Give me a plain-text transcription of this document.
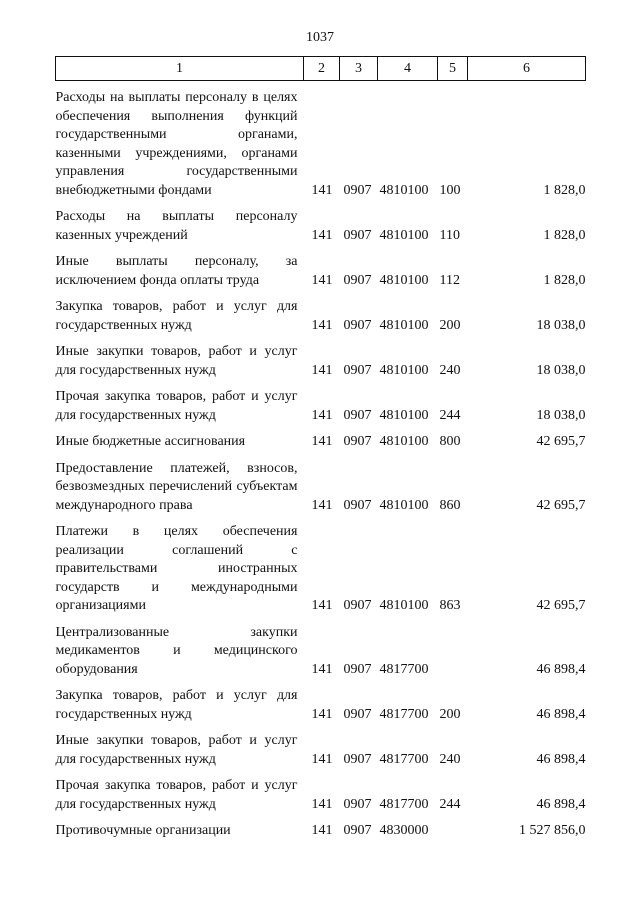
1037
1	2	3	4	5	6
Расходы на выплаты персоналу в целях обеспечения выполнения функций государственными органами, казенными учреждениями, органами управления государственными внебюджетными фондами	141	0907	4810100	100	1 828,0
Расходы на выплаты персоналу казенных учреждений	141	0907	4810100	110	1 828,0
Иные выплаты персоналу, за исключением фонда оплаты труда	141	0907	4810100	112	1 828,0
Закупка товаров, работ и услуг для государственных нужд	141	0907	4810100	200	18 038,0
Иные закупки товаров, работ и услуг для государственных нужд	141	0907	4810100	240	18 038,0
Прочая закупка товаров, работ и услуг для государственных нужд	141	0907	4810100	244	18 038,0
Иные бюджетные ассигнования	141	0907	4810100	800	42 695,7
Предоставление платежей, взносов, безвозмездных перечислений субъектам международного права	141	0907	4810100	860	42 695,7
Платежи в целях обеспечения реализации соглашений с правительствами иностранных государств и международными организациями	141	0907	4810100	863	42 695,7
Централизованные закупки медикаментов и медицинского оборудования	141	0907	4817700		46 898,4
Закупка товаров, работ и услуг для государственных нужд	141	0907	4817700	200	46 898,4
Иные закупки товаров, работ и услуг для государственных нужд	141	0907	4817700	240	46 898,4
Прочая закупка товаров, работ и услуг для государственных нужд	141	0907	4817700	244	46 898,4
Противочумные организации	141	0907	4830000		1 527 856,0
